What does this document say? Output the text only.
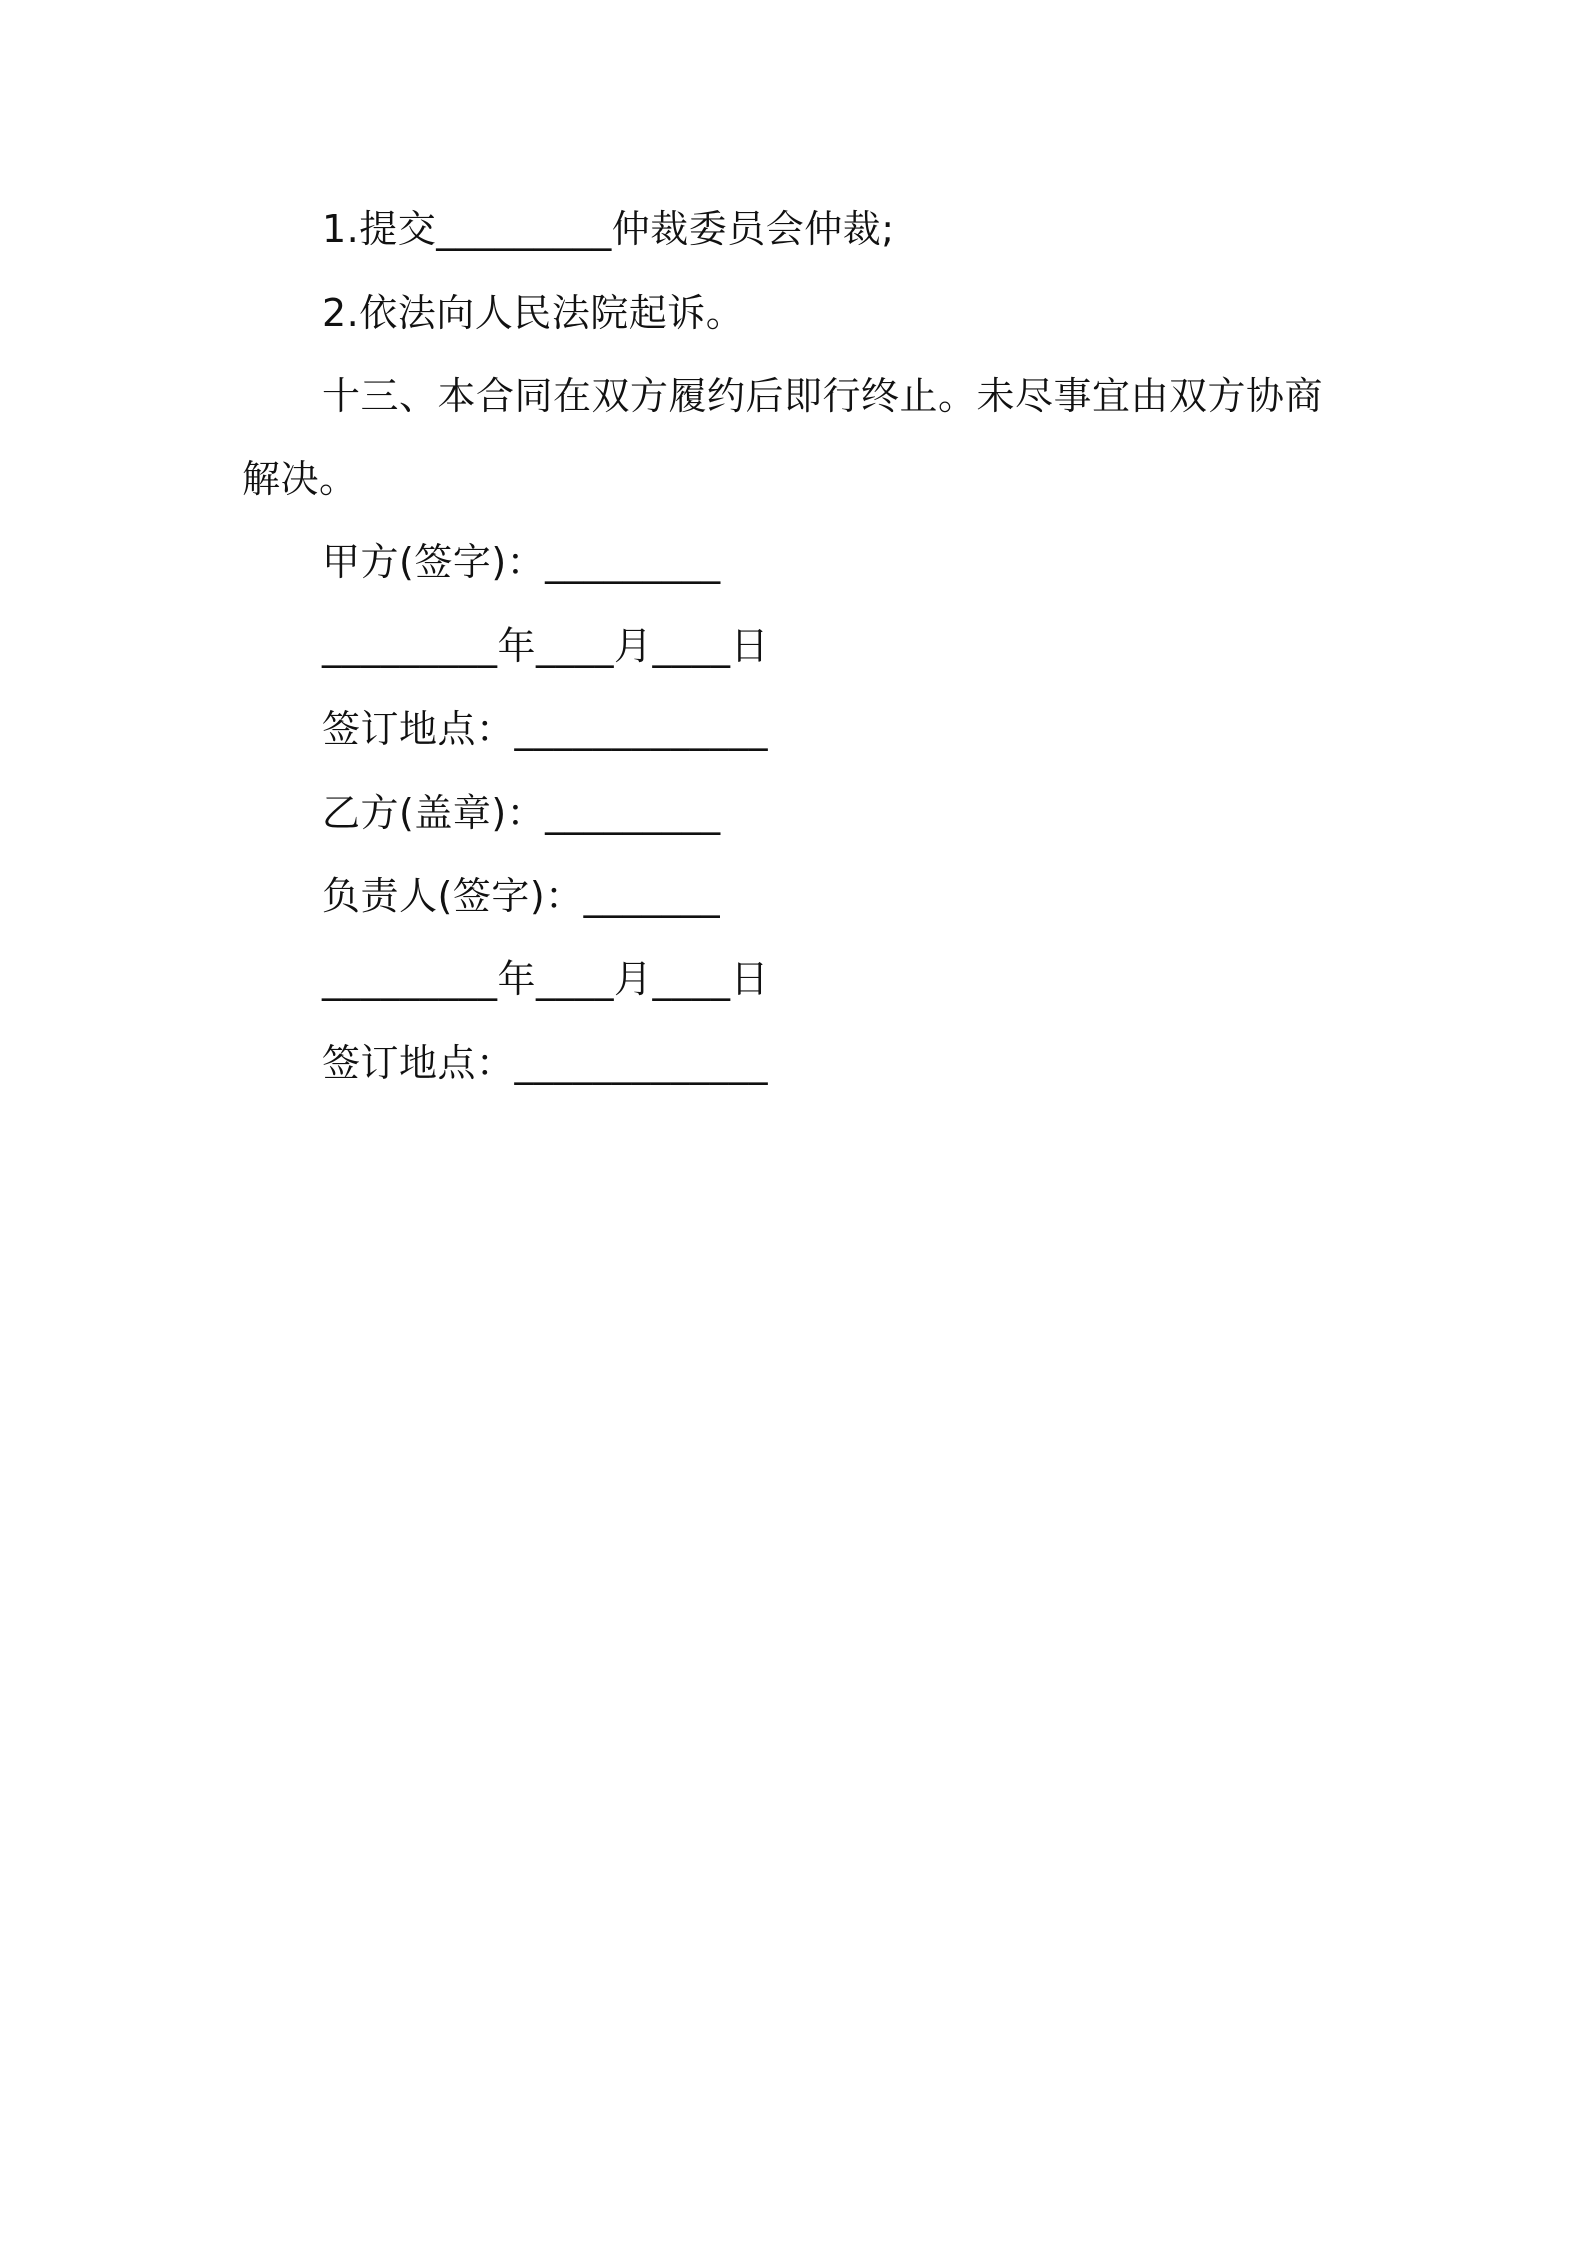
1.提交_________仲裁委员会仲裁;
2.依法向人民法院起诉。
十三、本合同在双方履约后即行终止。未尽事宜由双方协商
解决。
甲方(签字)：_________
_________年____月____日
签订地点：_____________
乙方(盖章)：_________
负责人(签字)：_______
_________年____月____日
签订地点：_____________
